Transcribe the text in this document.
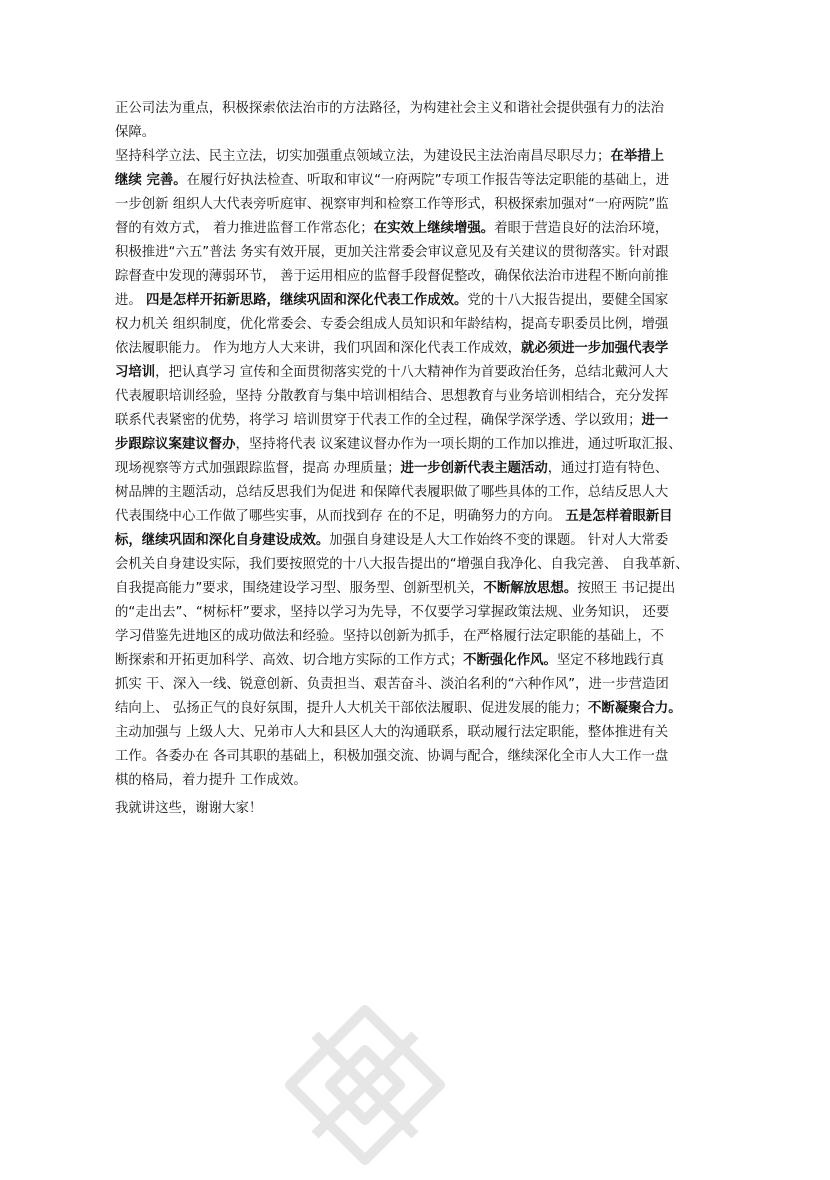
正公司法为重点，积极探索依法治市的方法路径，为构建社会主义和谐社会提供强有力的法治
保障。
坚持科学立法、民主立法，切实加强重点领域立法，为建设民主法治南昌尽职尽力；在举措上
继续 完善。在履行好执法检查、听取和审议“一府两院”专项工作报告等法定职能的基础上，进
一步创新 组织人大代表旁听庭审、视察审判和检察工作等形式，积极探索加强对“一府两院”监
督的有效方式， 着力推进监督工作常态化；在实效上继续增强。着眼于营造良好的法治环境，
积极推进“六五”普法 务实有效开展，更加关注常委会审议意见及有关建议的贯彻落实。针对跟
踪督查中发现的薄弱环节， 善于运用相应的监督手段督促整改，确保依法治市进程不断向前推
进。 四是怎样开拓新思路，继续巩固和深化代表工作成效。党的十八大报告提出，要健全国家
权力机关 组织制度，优化常委会、专委会组成人员知识和年龄结构，提高专职委员比例，增强
依法履职能力。 作为地方人大来讲，我们巩固和深化代表工作成效，就必须进一步加强代表学
习培训，把认真学习 宣传和全面贯彻落实党的十八大精神作为首要政治任务，总结北戴河人大
代表履职培训经验，坚持 分散教育与集中培训相结合、思想教育与业务培训相结合，充分发挥
联系代表紧密的优势，将学习 培训贯穿于代表工作的全过程，确保学深学透、学以致用；进一
步跟踪议案建议督办，坚持将代表 议案建议督办作为一项长期的工作加以推进，通过听取汇报、
现场视察等方式加强跟踪监督，提高 办理质量；进一步创新代表主题活动，通过打造有特色、
树品牌的主题活动，总结反思我们为促进 和保障代表履职做了哪些具体的工作，总结反思人大
代表围绕中心工作做了哪些实事，从而找到存 在的不足，明确努力的方向。 五是怎样着眼新目
标，继续巩固和深化自身建设成效。加强自身建设是人大工作始终不变的课题。 针对人大常委
会机关自身建设实际，我们要按照党的十八大报告提出的“增强自我净化、自我完善、 自我革新、
自我提高能力”要求，围绕建设学习型、服务型、创新型机关，不断解放思想。按照王 书记提出
的“走出去”、“树标杆”要求，坚持以学习为先导，不仅要学习掌握政策法规、业务知识， 还要
学习借鉴先进地区的成功做法和经验。坚持以创新为抓手，在严格履行法定职能的基础上，不
断探索和开拓更加科学、高效、切合地方实际的工作方式；不断强化作风。坚定不移地践行真
抓实 干、深入一线、锐意创新、负责担当、艰苦奋斗、淡泊名利的“六种作风”，进一步营造团
结向上、 弘扬正气的良好氛围，提升人大机关干部依法履职、促进发展的能力；不断凝聚合力。
主动加强与 上级人大、兄弟市人大和县区人大的沟通联系，联动履行法定职能，整体推进有关
工作。各委办在 各司其职的基础上，积极加强交流、协调与配合，继续深化全市人大工作一盘
棋的格局，着力提升 工作成效。
我就讲这些，谢谢大家！
